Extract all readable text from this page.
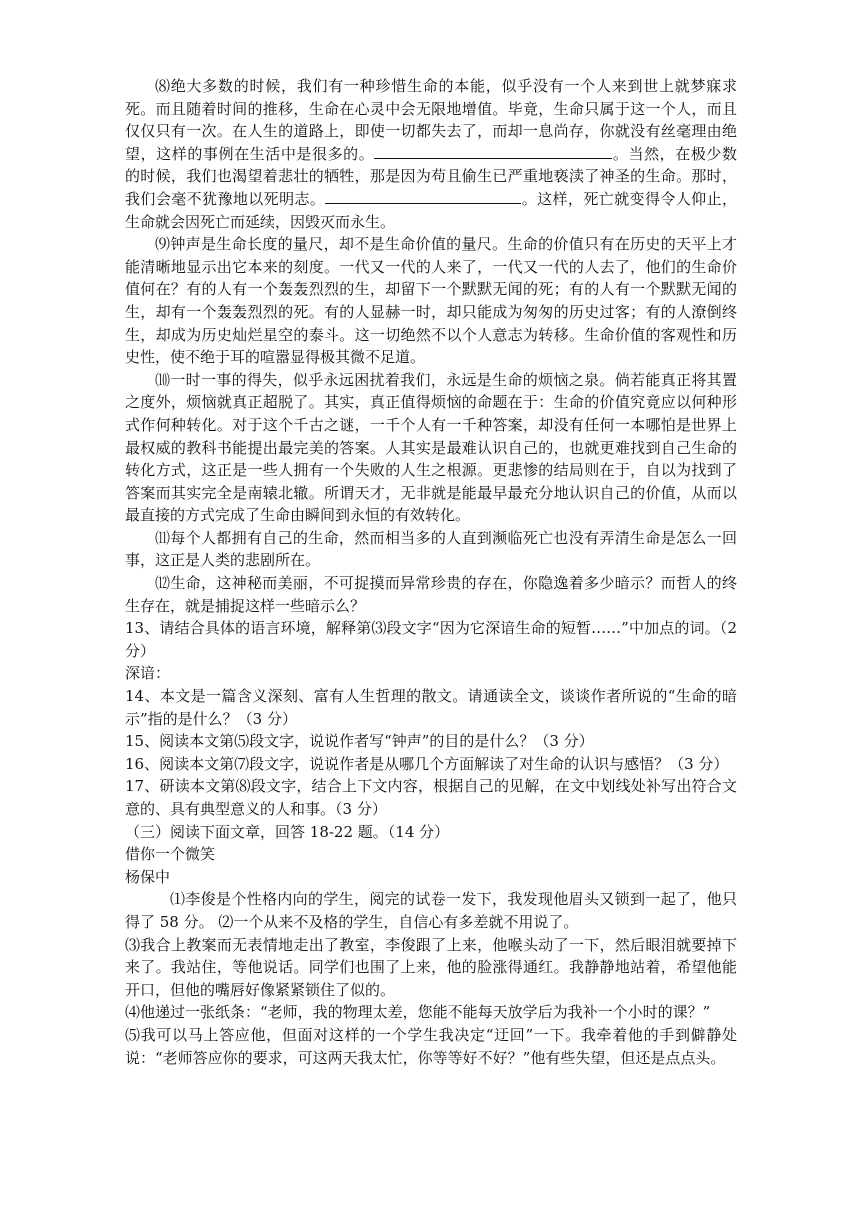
⑻绝大多数的时候，我们有一种珍惜生命的本能，似乎没有一个人来到世上就梦寐求死。而且随着时间的推移，生命在心灵中会无限地增值。毕竟，生命只属于这一个人，而且仅仅只有一次。在人生的道路上，即使一切都失去了，而却一息尚存，你就没有丝毫理由绝望，这样的事例在生活中是很多的。	。当然，在极少数的时候，我们也渴望着悲壮的牺牲，那是因为苟且偷生已严重地亵渎了神圣的生命。那时，我们会毫不犹豫地以死明志。	。这样，死亡就变得令人仰止，生命就会因死亡而延续，因毁灭而永生。

⑼钟声是生命长度的量尺，却不是生命价值的量尺。生命的价值只有在历史的天平上才能清晰地显示出它本来的刻度。一代又一代的人来了，一代又一代的人去了，他们的生命价值何在？有的人有一个轰轰烈烈的生，却留下一个默默无闻的死；有的人有一个默默无闻的生，却有一个轰轰烈烈的死。有的人显赫一时，却只能成为匆匆的历史过客；有的人潦倒终生，却成为历史灿烂星空的泰斗。这一切绝然不以个人意志为转移。生命价值的客观性和历史性，使不绝于耳的喧嚣显得极其微不足道。

⑽一时一事的得失，似乎永远困扰着我们，永远是生命的烦恼之泉。倘若能真正将其置之度外，烦恼就真正超脱了。其实，真正值得烦恼的命题在于：生命的价值究竟应以何种形式作何种转化。对于这个千古之谜，一千个人有一千种答案，却没有任何一本哪怕是世界上最权威的教科书能提出最完美的答案。人其实是最难认识自己的，也就更难找到自己生命的转化方式，这正是一些人拥有一个失败的人生之根源。更悲惨的结局则在于，自以为找到了答案而其实完全是南辕北辙。所谓天才，无非就是能最早最充分地认识自己的价值，从而以最直接的方式完成了生命由瞬间到永恒的有效转化。

⑾每个人都拥有自己的生命，然而相当多的人直到濒临死亡也没有弄清生命是怎么一回事，这正是人类的悲剧所在。

⑿生命，这神秘而美丽，不可捉摸而异常珍贵的存在，你隐逸着多少暗示？而哲人的终生存在，就是捕捉这样一些暗示么？

13、请结合具体的语言环境，解释第⑶段文字“因为它深谙生命的短暂……”中加点的词。（2 分）

深谙：

14、本文是一篇含义深刻、富有人生哲理的散文。请通读全文，谈谈作者所说的“生命的暗示”指的是什么？（3 分）

15、阅读本文第⑸段文字，说说作者写“钟声”的目的是什么？（3 分）

16、阅读本文第⑺段文字，说说作者是从哪几个方面解读了对生命的认识与感悟？（3 分）

17、研读本文第⑻段文字，结合上下文内容，根据自己的见解，在文中划线处补写出符合文意的、具有典型意义的人和事。（3 分）

（三）阅读下面文章，回答 18-22 题。（14 分）

借你一个微笑

杨保中

⑴李俊是个性格内向的学生，阅完的试卷一发下，我发现他眉头又锁到一起了，他只得了 58 分。 ⑵一个从来不及格的学生，自信心有多差就不用说了。

⑶我合上教案而无表情地走出了教室，李俊跟了上来，他喉头动了一下，然后眼泪就要掉下来了。我站住，等他说话。同学们也围了上来，他的脸涨得通红。我静静地站着，希望他能开口，但他的嘴唇好像紧紧锁住了似的。

⑷他递过一张纸条：“老师，我的物理太差，您能不能每天放学后为我补一个小时的课？”

⑸我可以马上答应他，但面对这样的一个学生我决定“迂回”一下。我牵着他的手到僻静处说：“老师答应你的要求，可这两天我太忙，你等等好不好？”他有些失望，但还是点点头。
